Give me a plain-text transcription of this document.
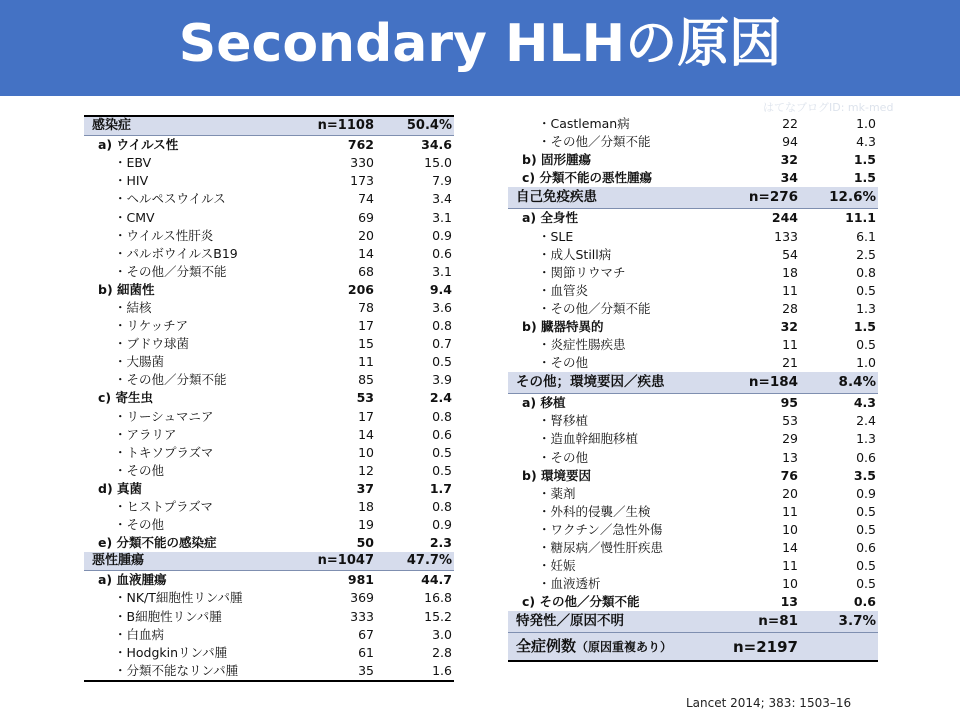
Secondary HLHの原因
はてなブログID: mk-med
感染症	n=1108	50.4%
a) ウイルス性	762	34.6
・EBV	330	15.0
・HIV	173	7.9
・ヘルペスウイルス	74	3.4
・CMV	69	3.1
・ウイルス性肝炎	20	0.9
・パルボウイルスB19	14	0.6
・その他／分類不能	68	3.1
b) 細菌性	206	9.4
・結核	78	3.6
・リケッチア	17	0.8
・ブドウ球菌	15	0.7
・大腸菌	11	0.5
・その他／分類不能	85	3.9
c) 寄生虫	53	2.4
・リーシュマニア	17	0.8
・アラリア	14	0.6
・トキソプラズマ	10	0.5
・その他	12	0.5
d) 真菌	37	1.7
・ヒストプラズマ	18	0.8
・その他	19	0.9
e) 分類不能の感染症	50	2.3
悪性腫瘍	n=1047	47.7%
a) 血液腫瘍	981	44.7
・NK/T細胞性リンパ腫	369	16.8
・B細胞性リンパ腫	333	15.2
・白血病	67	3.0
・Hodgkinリンパ腫	61	2.8
・分類不能なリンパ腫	35	1.6
・Castleman病	22	1.0
・その他／分類不能	94	4.3
b) 固形腫瘍	32	1.5
c) 分類不能の悪性腫瘍	34	1.5
自己免疫疾患	n=276	12.6%
a) 全身性	244	11.1
・SLE	133	6.1
・成人Still病	54	2.5
・関節リウマチ	18	0.8
・血管炎	11	0.5
・その他／分類不能	28	1.3
b) 臓器特異的	32	1.5
・炎症性腸疾患	11	0.5
・その他	21	1.0
その他；環境要因／疾患	n=184	8.4%
a) 移植	95	4.3
・腎移植	53	2.4
・造血幹細胞移植	29	1.3
・その他	13	0.6
b) 環境要因	76	3.5
・薬剤	20	0.9
・外科的侵襲／生検	11	0.5
・ワクチン／急性外傷	10	0.5
・糖尿病／慢性肝疾患	14	0.6
・妊娠	11	0.5
・血液透析	10	0.5
c) その他／分類不能	13	0.6
特発性／原因不明	n=81	3.7%
全症例数（原因重複あり）	n=2197	
Lancet 2014; 383: 1503–16
